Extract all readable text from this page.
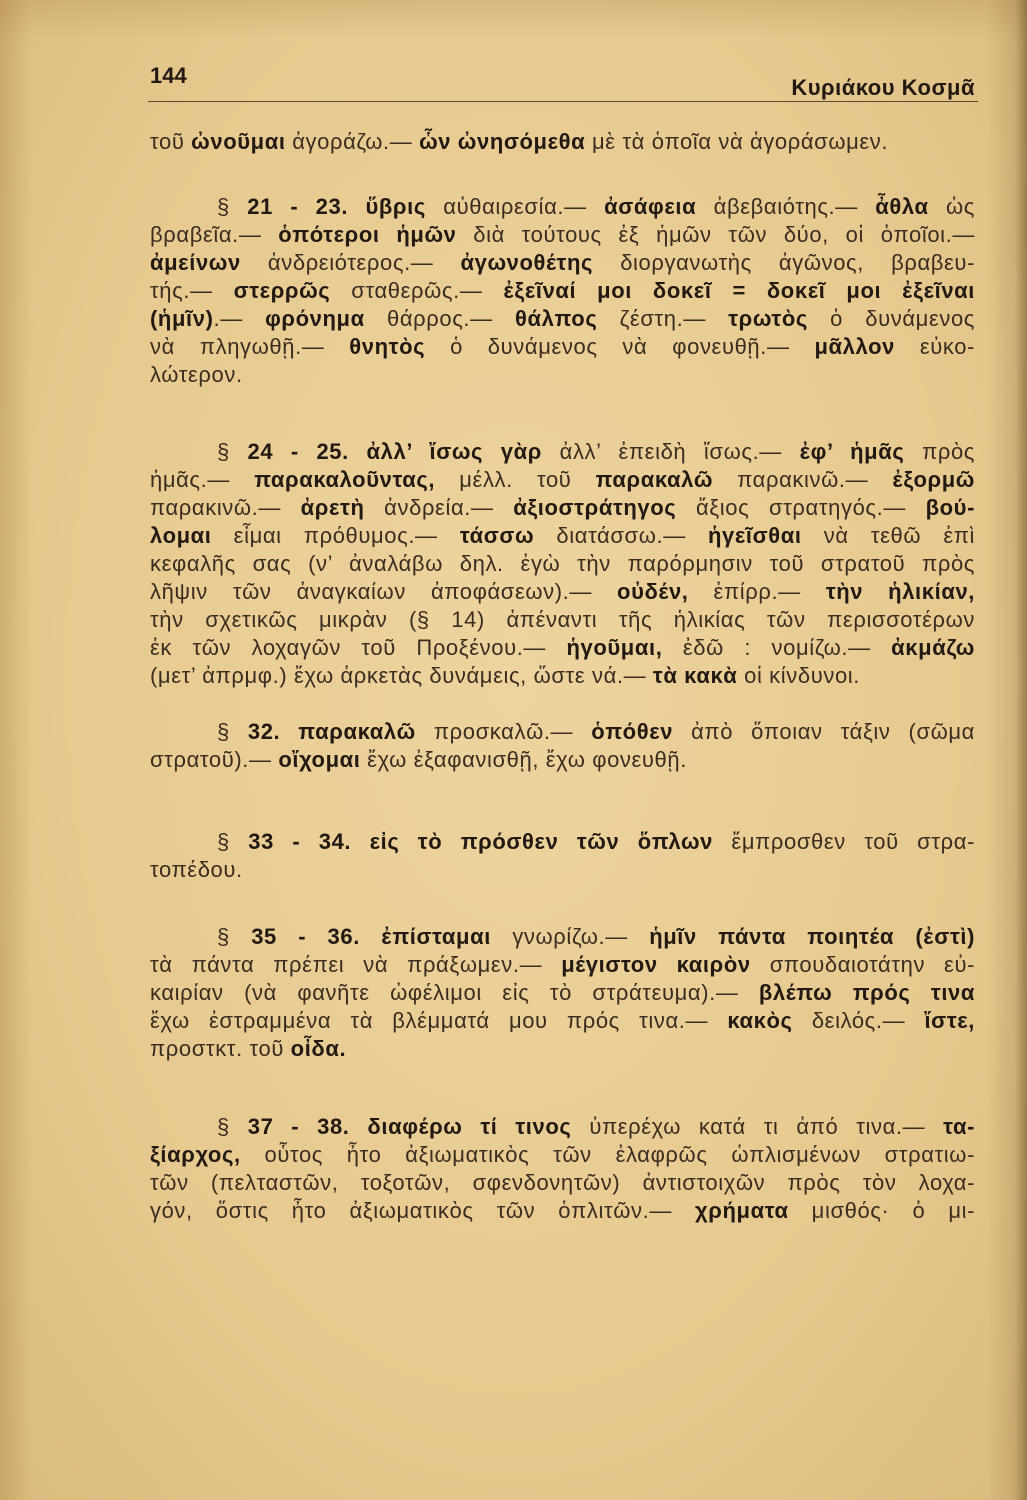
144	Κυριάκου Κοσμᾶ
τοῦ ὠνοῦμαι ἀγοράζω.— ὧν ὠνησόμεθα μὲ τὰ ὁποῖα νὰ ἀγοράσωμεν.
§ 21 - 23. ὕβρις αὐθαιρεσία.— ἀσάφεια ἀβεβαιότης.— ἆθλα ὡς
βραβεῖα.— ὁπότεροι ἡμῶν διὰ τούτους ἐξ ἡμῶν τῶν δύο, οἱ ὁποῖοι.—
ἀμείνων ἀνδρειότερος.— ἀγωνοθέτης διοργανωτὴς ἀγῶνος, βραβευ-
τής.— στερρῶς σταθερῶς.— ἐξεῖναί μοι δοκεῖ = δοκεῖ μοι ἐξεῖναι
(ἡμῖν).— φρόνημα θάρρος.— θάλπος ζέστη.— τρωτὸς ὁ δυνάμενος
νὰ πληγωθῇ.— θνητὸς ὁ δυνάμενος νὰ φονευθῇ.— μᾶλλον εὐκο-
λώτερον.
§ 24 - 25. ἀλλ’ ἴσως γὰρ ἀλλ’ ἐπειδὴ ἴσως.— ἐφ’ ἡμᾶς πρὸς
ἡμᾶς.— παρακαλοῦντας, μέλλ. τοῦ παρακαλῶ παρακινῶ.— ἐξορμῶ
παρακινῶ.— ἀρετὴ ἀνδρεία.— ἀξιοστράτηγος ἄξιος στρατηγός.— βού-
λομαι εἶμαι πρόθυμος.— τάσσω διατάσσω.— ἡγεῖσθαι νὰ τεθῶ ἐπὶ
κεφαλῆς σας (ν’ ἀναλάβω δηλ. ἐγὼ τὴν παρόρμησιν τοῦ στρατοῦ πρὸς
λῆψιν τῶν ἀναγκαίων ἀποφάσεων).— οὐδέν, ἐπίρρ.— τὴν ἡλικίαν,
τὴν σχετικῶς μικρὰν (§ 14) ἀπέναντι τῆς ἡλικίας τῶν περισσοτέρων
ἐκ τῶν λοχαγῶν τοῦ Προξένου.— ἡγοῦμαι, ἐδῶ : νομίζω.— ἀκμάζω
(μετ’ ἀπρμφ.) ἔχω ἀρκετὰς δυνάμεις, ὥστε νά.— τὰ κακὰ οἱ κίνδυνοι.
§ 32. παρακαλῶ προσκαλῶ.— ὁπόθεν ἀπὸ ὅποιαν τάξιν (σῶμα
στρατοῦ).— οἴχομαι ἔχω ἐξαφανισθῇ, ἔχω φονευθῇ.
§ 33 - 34. εἰς τὸ πρόσθεν τῶν ὅπλων ἔμπροσθεν τοῦ στρα-
τοπέδου.
§ 35 - 36. ἐπίσταμαι γνωρίζω.— ἡμῖν πάντα ποιητέα (ἐστὶ)
τὰ πάντα πρέπει νὰ πράξωμεν.— μέγιστον καιρὸν σπουδαιοτάτην εὐ-
καιρίαν (νὰ φανῆτε ὠφέλιμοι εἰς τὸ στράτευμα).— βλέπω πρός τινα
ἔχω ἐστραμμένα τὰ βλέμματά μου πρός τινα.— κακὸς δειλός.— ἴστε,
προστκτ. τοῦ οἶδα.
§ 37 - 38. διαφέρω τί τινος ὑπερέχω κατά τι ἀπό τινα.— τα-
ξίαρχος, οὗτος ἦτο ἀξιωματικὸς τῶν ἐλαφρῶς ὡπλισμένων στρατιω-
τῶν (πελταστῶν, τοξοτῶν, σφενδονητῶν) ἀντιστοιχῶν πρὸς τὸν λοχα-
γόν, ὅστις ἦτο ἀξιωματικὸς τῶν ὁπλιτῶν.— χρήματα μισθός· ὁ μι-
